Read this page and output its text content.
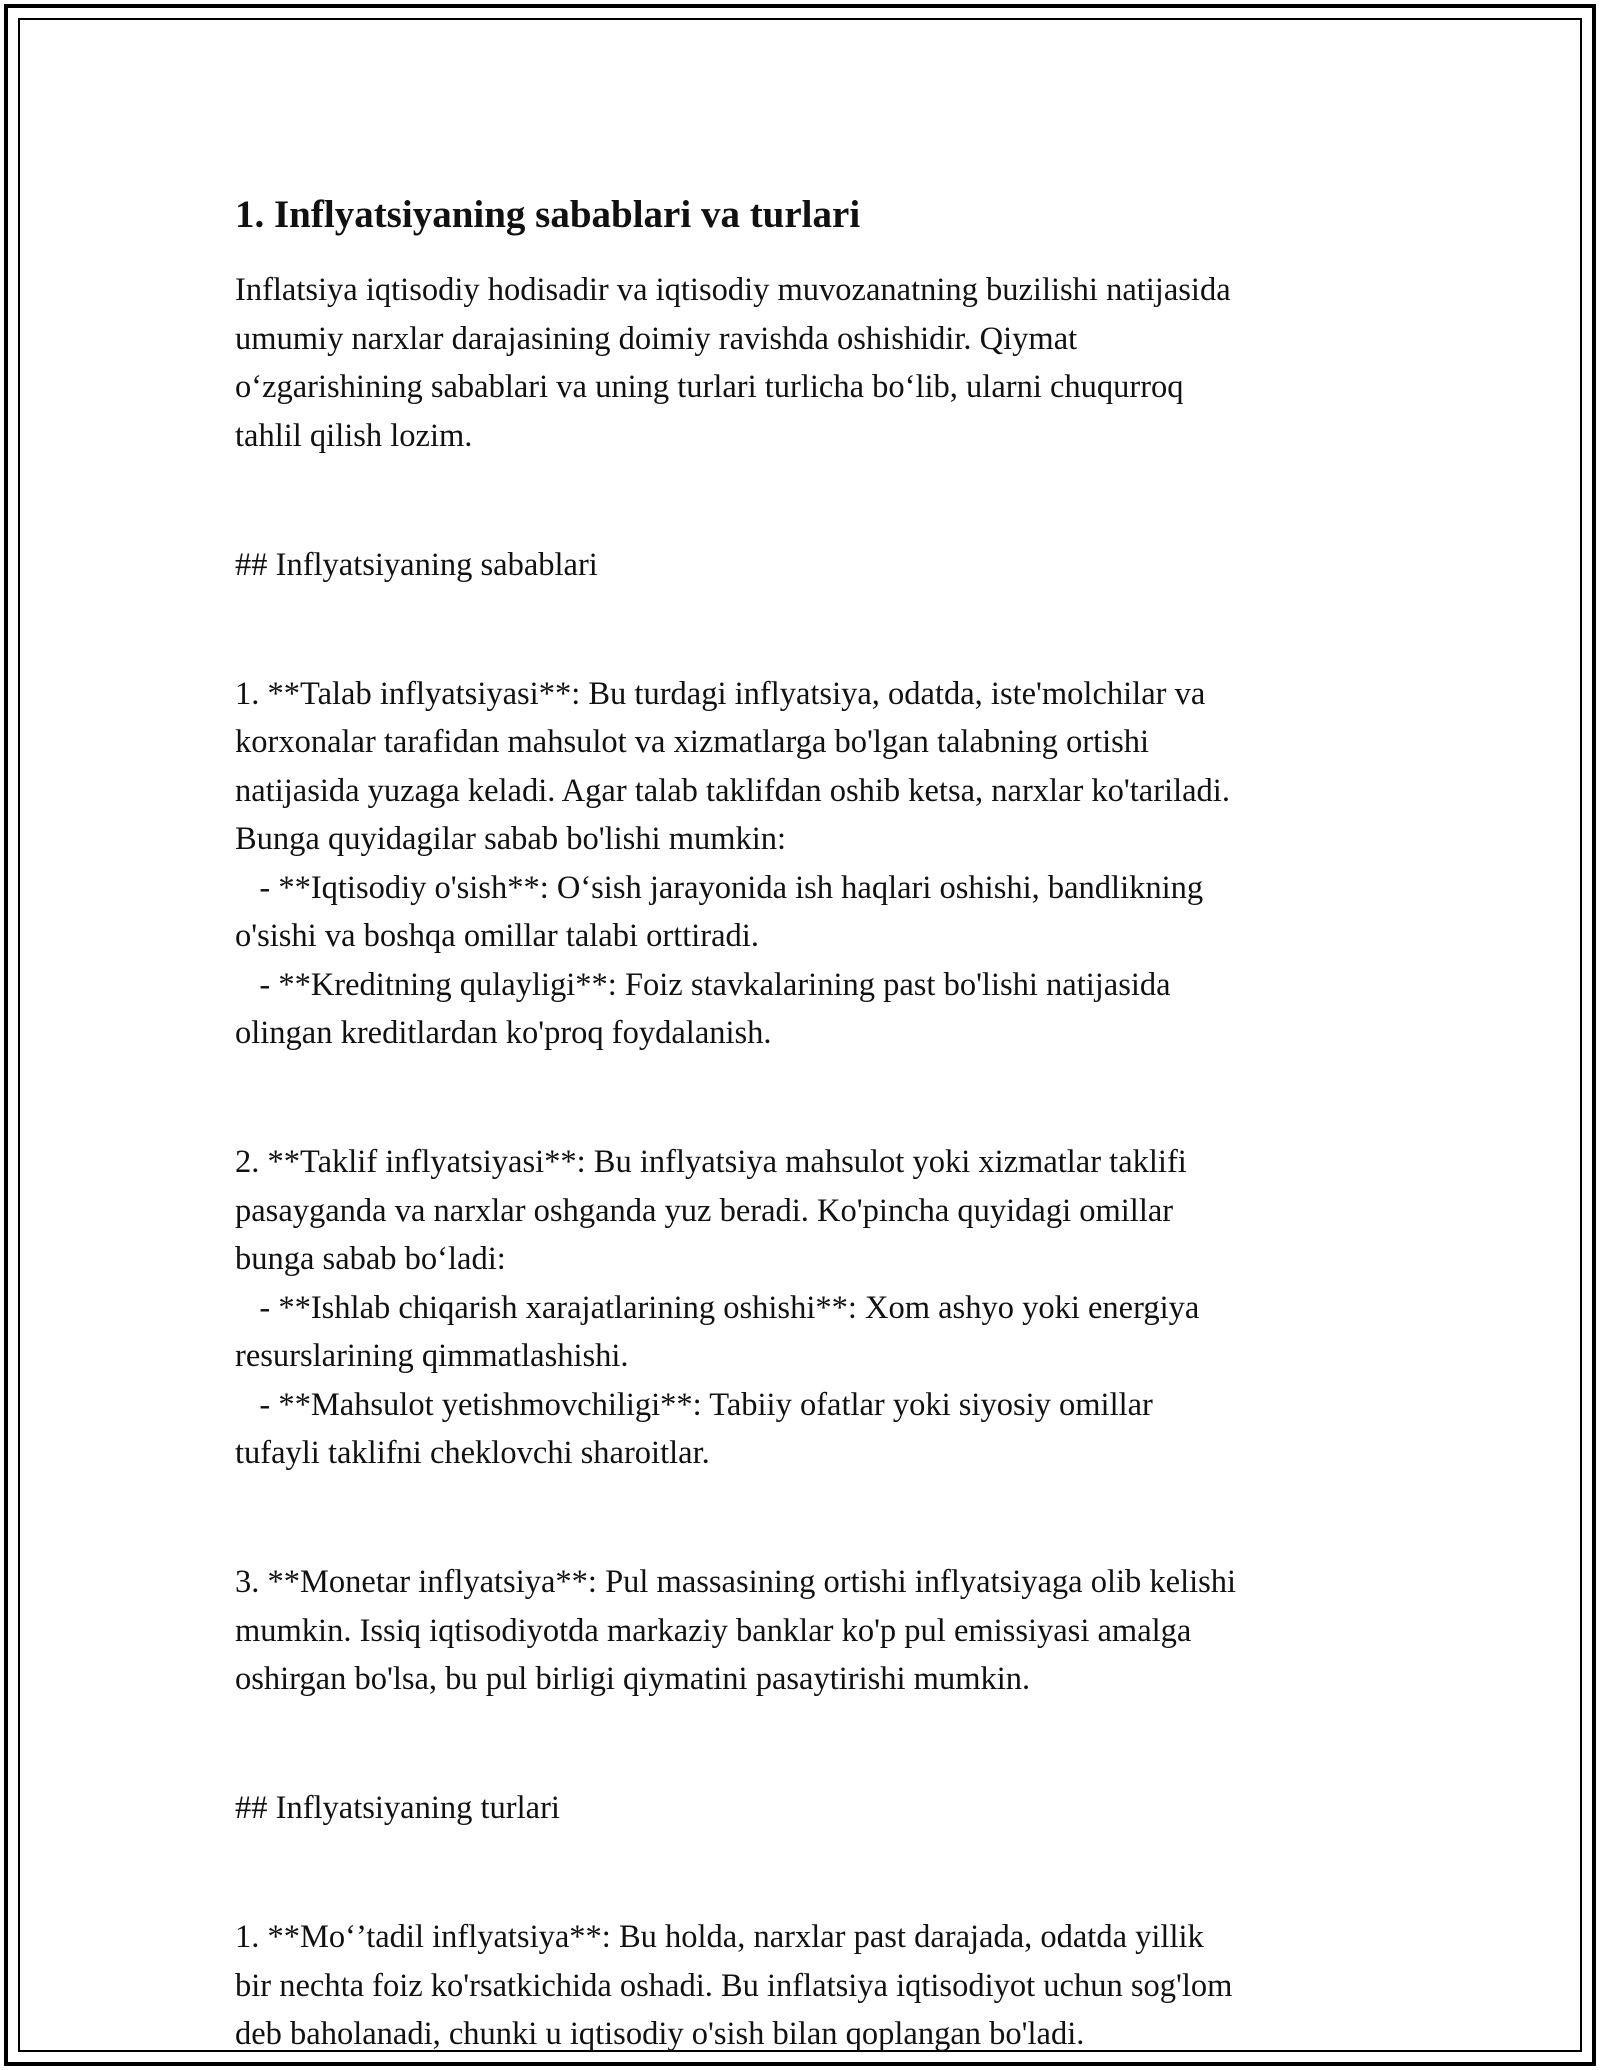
1. Inflyatsiyaning sabablari va turlari

Inflatsiya iqtisodiy hodisadir va iqtisodiy muvozanatning buzilishi natijasida

umumiy narxlar darajasining doimiy ravishda oshishidir. Qiymat

o‘zgarishining sabablari va uning turlari turlicha bo‘lib, ularni chuqurroq

tahlil qilish lozim.

## Inflyatsiyaning sabablari

1. **Talab inflyatsiyasi**: Bu turdagi inflyatsiya, odatda, iste'molchilar va

korxonalar tarafidan mahsulot va xizmatlarga bo'lgan talabning ortishi

natijasida yuzaga keladi. Agar talab taklifdan oshib ketsa, narxlar ko'tariladi.

Bunga quyidagilar sabab bo'lishi mumkin:

- **Iqtisodiy o'sish**: O‘sish jarayonida ish haqlari oshishi, bandlikning

o'sishi va boshqa omillar talabi orttiradi.

- **Kreditning qulayligi**: Foiz stavkalarining past bo'lishi natijasida

olingan kreditlardan ko'proq foydalanish.

2. **Taklif inflyatsiyasi**: Bu inflyatsiya mahsulot yoki xizmatlar taklifi

pasayganda va narxlar oshganda yuz beradi. Ko'pincha quyidagi omillar

bunga sabab bo‘ladi:

- **Ishlab chiqarish xarajatlarining oshishi**: Xom ashyo yoki energiya

resurslarining qimmatlashishi.

- **Mahsulot yetishmovchiligi**: Tabiiy ofatlar yoki siyosiy omillar

tufayli taklifni cheklovchi sharoitlar.

3. **Monetar inflyatsiya**: Pul massasining ortishi inflyatsiyaga olib kelishi

mumkin. Issiq iqtisodiyotda markaziy banklar ko'p pul emissiyasi amalga

oshirgan bo'lsa, bu pul birligi qiymatini pasaytirishi mumkin.

## Inflyatsiyaning turlari

1. **Mo‘’tadil inflyatsiya**: Bu holda, narxlar past darajada, odatda yillik

bir nechta foiz ko'rsatkichida oshadi. Bu inflatsiya iqtisodiyot uchun sog'lom

deb baholanadi, chunki u iqtisodiy o'sish bilan qoplangan bo'ladi.
